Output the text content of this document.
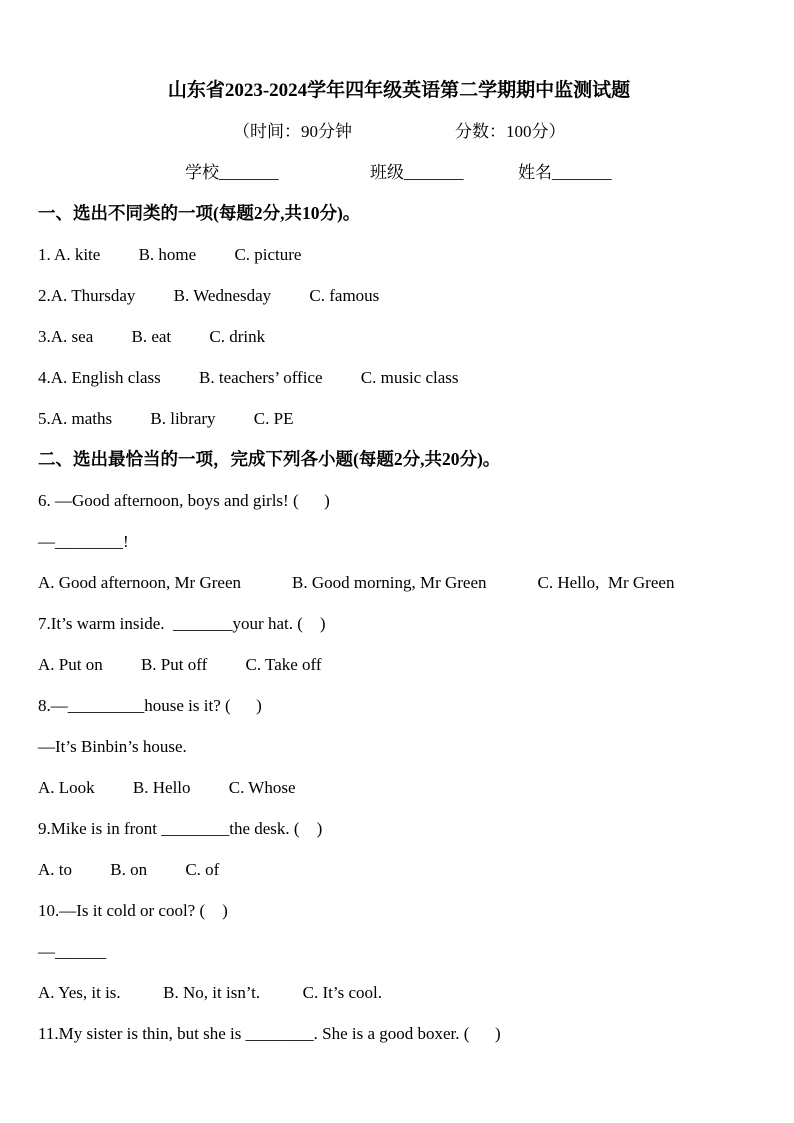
山东省2023-2024学年四年级英语第二学期期中监测试题

（时间：90分钟

	分数：100分）

学校_______

	班级_______

	姓名_______

一、选出不同类的一项(每题2分,共10分)。
1. A. kite         B. home         C. picture
2.A. Thursday         B. Wednesday         C. famous
3.A. sea         B. eat         C. drink
4.A. English class         B. teachers’ office         C. music class
5.A. maths         B. library         C. PE
二、选出最恰当的一项，完成下列各小题(每题2分,共20分)。
6. —Good afternoon, boys and girls! (      )
—________!
A. Good afternoon, Mr Green            B. Good morning, Mr Green            C. Hello,  Mr Green
7.It’s warm inside.  _______your hat. (    )
A. Put on         B. Put off         C. Take off
8.—_________house is it? (      )
—It’s Binbin’s house.
A. Look         B. Hello         C. Whose
9.Mike is in front ________the desk. (    )
A. to         B. on         C. of
10.—Is it cold or cool? (    )
—______
A. Yes, it is.          B. No, it isn’t.          C. It’s cool.
11.My sister is thin, but she is ________. She is a good boxer. (      )
